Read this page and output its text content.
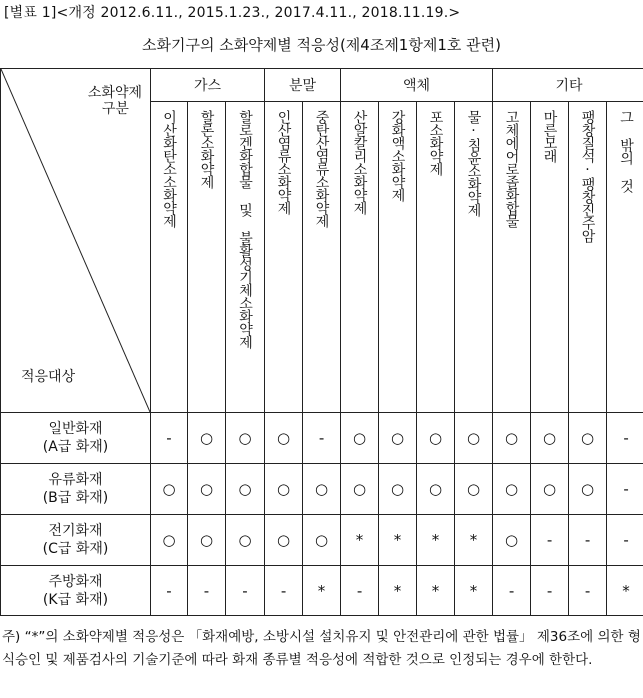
[별표 1]<개정 2012.6.11., 2015.1.23., 2017.4.11., 2018.11.19.>
소화기구의 소화약제별 적응성(제4조제1항제1호 관련)
소화약제
구분
적응대상	가스			분말		액체				기타			
	이산화탄소소화약제	할론소화약제	할로겐화합물 및 불활성기체소화약제	인산염류소화약제	중탄산염류소화약제	산알칼리소화약제	강화액소화약제	포소화약제	물·침윤소화약제	고체에어로졸화합물	마른모래	팽창질석·팽창진주암	그 밖의 것
일반화재
(A급 화재)	-	○	○	○	-	○	○	○	○	○	○	○	-
유류화재
(B급 화재)	○	○	○	○	○	○	○	○	○	○	○	○	-
전기화재
(C급 화재)	○	○	○	○	○	*	*	*	*	○	-	-	-
주방화재
(K급 화재)	-	-	-	-	*	-	*	*	*	-	-	-	*
주) “*”의 소화약제별 적응성은 「화재예방, 소방시설 설치유지 및 안전관리에 관한 법률」 제36조에 의한 형식승인 및 제품검사의 기술기준에 따라 화재 종류별 적응성에 적합한 것으로 인정되는 경우에 한한다.
